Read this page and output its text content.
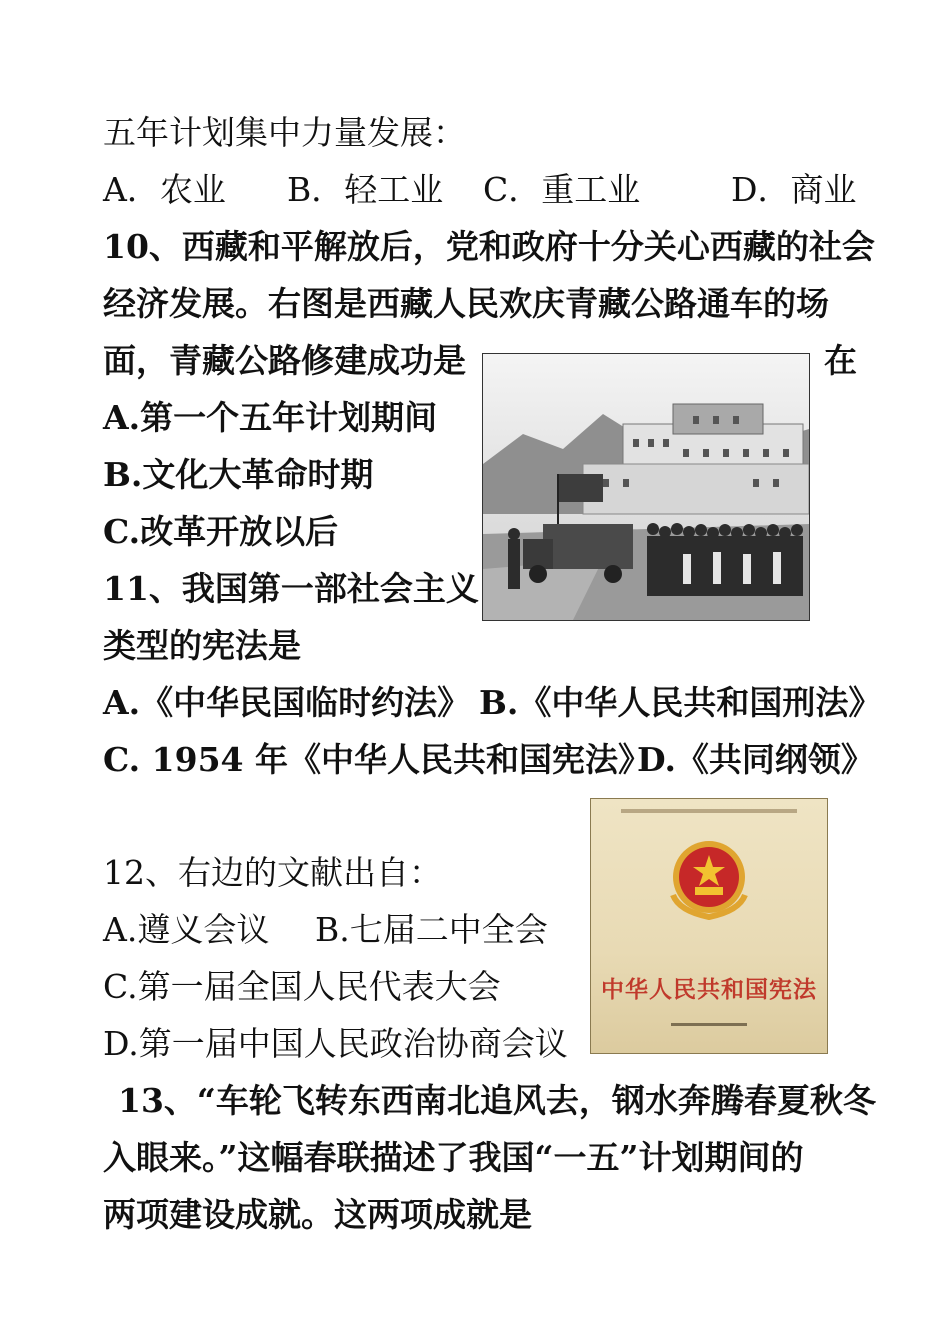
五年计划集中力量发展：
A．农业 B．轻工业 C．重工业	D．商业
10、西藏和平解放后，党和政府十分关心西藏的社会
经济发展。右图是西藏人民欢庆青藏公路通车的场
面，青藏公路修建成功是	在
A.第一个五年计划期间
B.文化大革命时期
C.改革开放以后
11、我国第一部社会主义
类型的宪法是
A.《中华民国临时约法》 B.《中华人民共和国刑法》
C. 1954 年《中华人民共和国宪法》
D.《共同纲领》
12、右边的文献出自：
A.遵义会议 B.七届二中全会
C.第一届全国人民代表大会
D.第一届中国人民政治协商会议
中华人民共和国宪法
13、“车轮飞转东西南北追风去，钢水奔腾春夏秋冬
入眼来。”这幅春联描述了我国“一五”计划期间的
两项建设成就。这两项成就是
